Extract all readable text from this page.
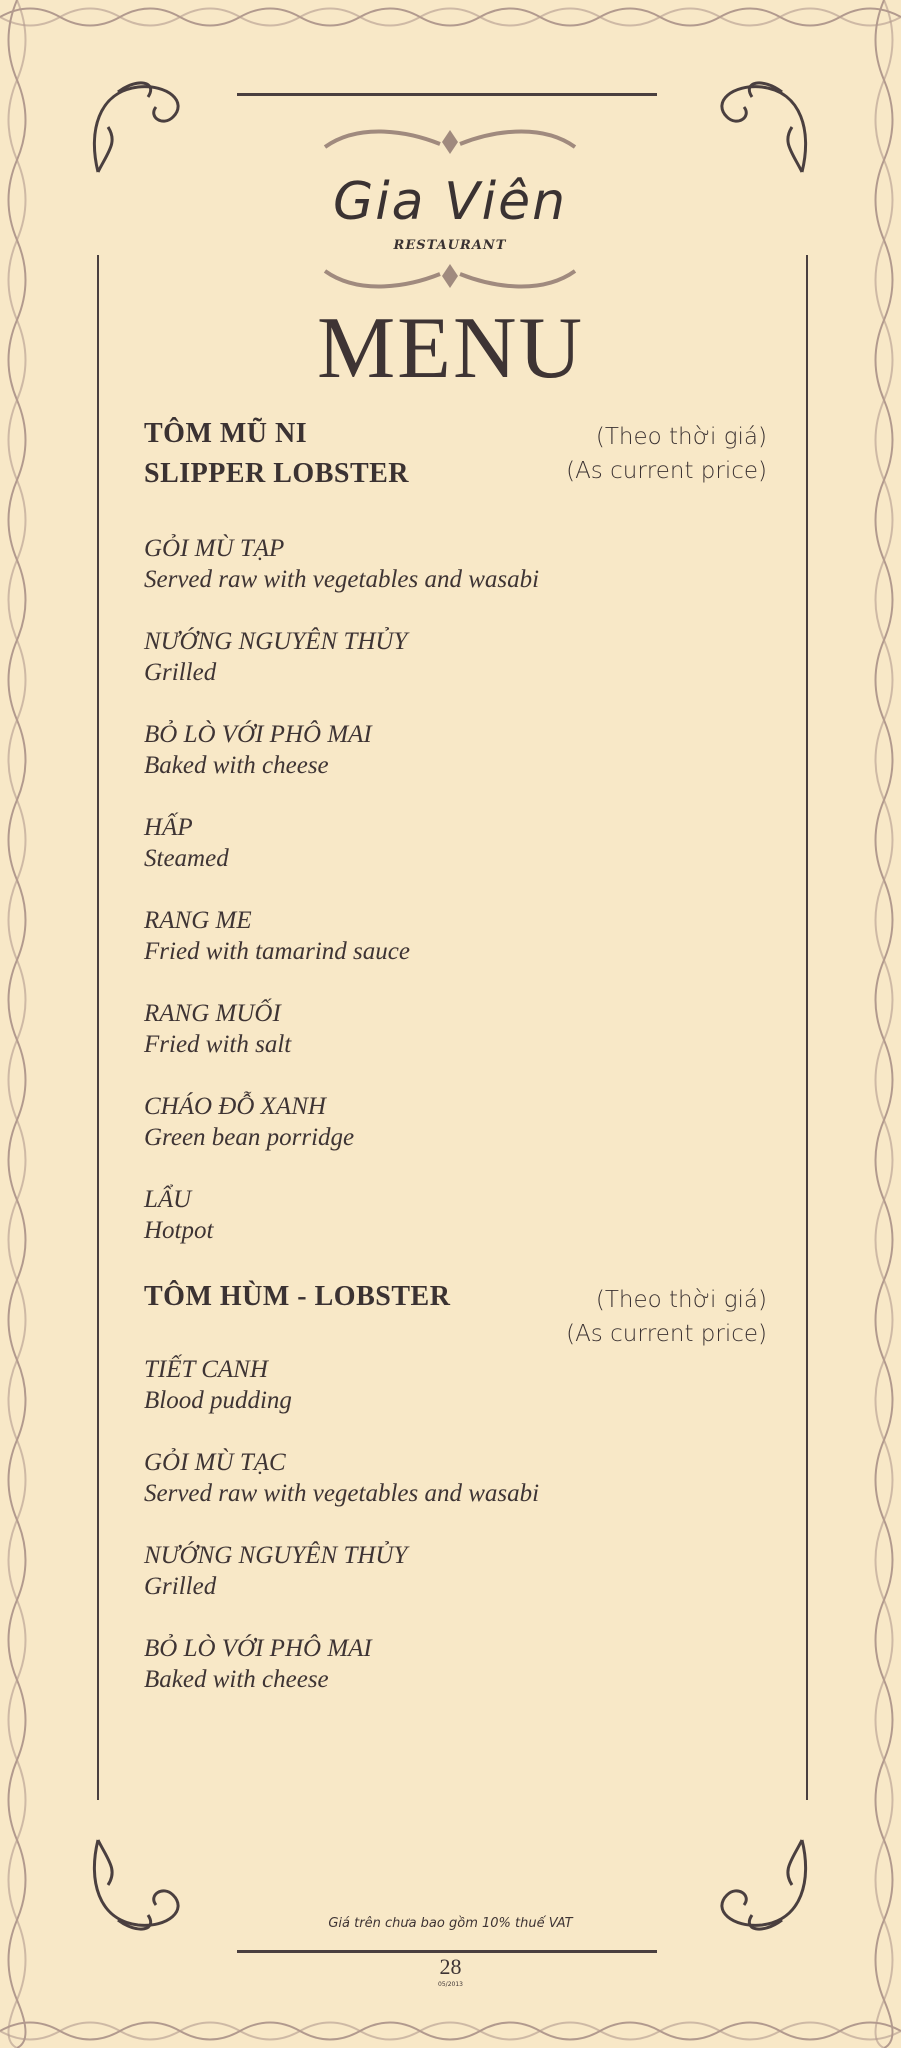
Gia Viên
RESTAURANT
MENU
TÔM MŨ NI
SLIPPER LOBSTER
(Theo thời giá)
(As current price)
GỎI MÙ TẠP
Served raw with vegetables and wasabi
NƯỚNG NGUYÊN THỦY
Grilled
BỎ LÒ VỚI PHÔ MAI
Baked with cheese
HẤP
Steamed
RANG ME
Fried with tamarind sauce
RANG MUỐI
Fried with salt
CHÁO ĐỖ XANH
Green bean porridge
LẨU
Hotpot
TÔM HÙM - LOBSTER	(Theo thời giá)
(As current price)
TIẾT CANH
Blood pudding
GỎI MÙ TẠC
Served raw with vegetables and wasabi
NƯỚNG NGUYÊN THỦY
Grilled
BỎ LÒ VỚI PHÔ MAI
Baked with cheese
Giá trên chưa bao gồm 10% thuế VAT
28
05/2013
